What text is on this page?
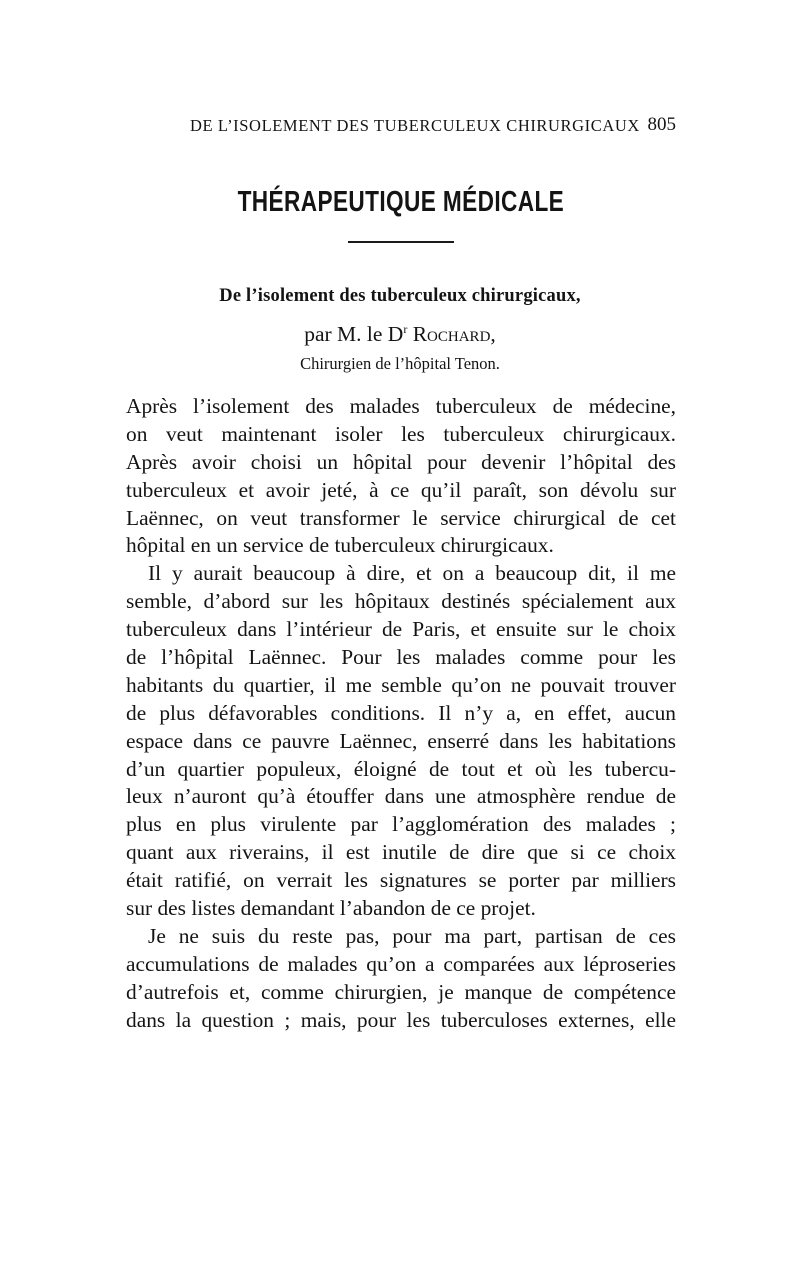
DE L’ISOLEMENT DES TUBERCULEUX CHIRURGICAUX 805
THÉRAPEUTIQUE MÉDICALE
De l’isolement des tuberculeux chirurgicaux,
par M. le $D^r$ Rochard,
Chirurgien de l’hôpital Tenon.
Après l’isolement des malades tuberculeux de médecine,
on veut maintenant isoler les tuberculeux chirurgicaux.
Après avoir choisi un hôpital pour devenir l’hôpital des
tuberculeux et avoir jeté, à ce qu’il paraît, son dévolu sur
Laënnec, on veut transformer le service chirurgical de cet
hôpital en un service de tuberculeux chirurgicaux.
Il y aurait beaucoup à dire, et on a beaucoup dit, il me
semble, d’abord sur les hôpitaux destinés spécialement aux
tuberculeux dans l’intérieur de Paris, et ensuite sur le choix
de l’hôpital Laënnec. Pour les malades comme pour les
habitants du quartier, il me semble qu’on ne pouvait trouver
de plus défavorables conditions. Il n’y a, en effet, aucun
espace dans ce pauvre Laënnec, enserré dans les habitations
d’un quartier populeux, éloigné de tout et où les tubercu-
leux n’auront qu’à étouffer dans une atmosphère rendue de
plus en plus virulente par l’agglomération des malades ;
quant aux riverains, il est inutile de dire que si ce choix
était ratifié, on verrait les signatures se porter par milliers
sur des listes demandant l’abandon de ce projet.
Je ne suis du reste pas, pour ma part, partisan de ces
accumulations de malades qu’on a comparées aux léproseries
d’autrefois et, comme chirurgien, je manque de compétence
dans la question ; mais, pour les tuberculoses externes, elle
